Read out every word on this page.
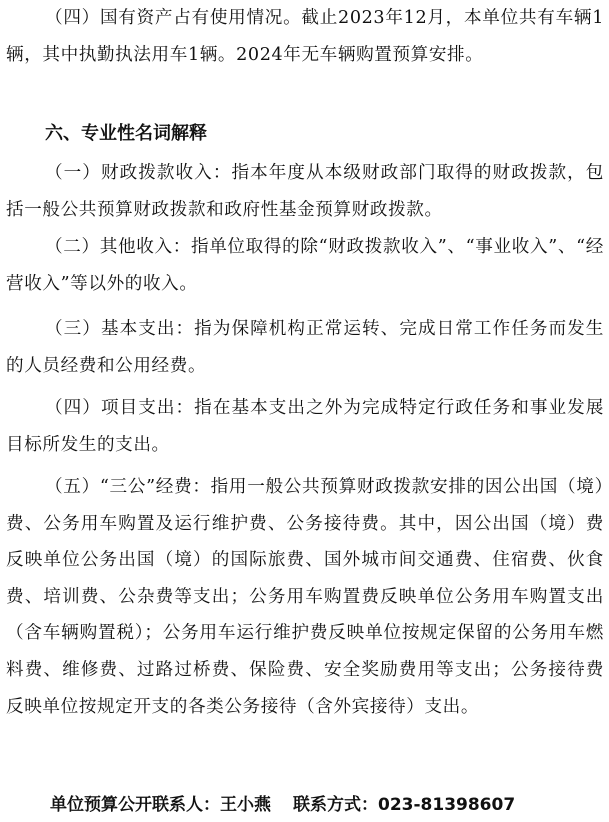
（四）国有资产占有使用情况。截止2023年12月，本单位共有车辆1辆，其中执勤执法用车1辆。2024年无车辆购置预算安排。

六、专业性名词解释

（一）财政拨款收入：指本年度从本级财政部门取得的财政拨款，包括一般公共预算财政拨款和政府性基金预算财政拨款。

（二）其他收入：指单位取得的除“财政拨款收入”、“事业收入”、“经营收入”等以外的收入。

（三）基本支出：指为保障机构正常运转、完成日常工作任务而发生的人员经费和公用经费。

（四）项目支出：指在基本支出之外为完成特定行政任务和事业发展目标所发生的支出。

（五）“三公”经费：指用一般公共预算财政拨款安排的因公出国（境）费、公务用车购置及运行维护费、公务接待费。其中，因公出国（境）费反映单位公务出国（境）的国际旅费、国外城市间交通费、住宿费、伙食费、培训费、公杂费等支出；公务用车购置费反映单位公务用车购置支出（含车辆购置税）；公务用车运行维护费反映单位按规定保留的公务用车燃料费、维修费、过路过桥费、保险费、安全奖励费用等支出；公务接待费反映单位按规定开支的各类公务接待（含外宾接待）支出。

单位预算公开联系人：王小燕 联系方式：023-81398607
